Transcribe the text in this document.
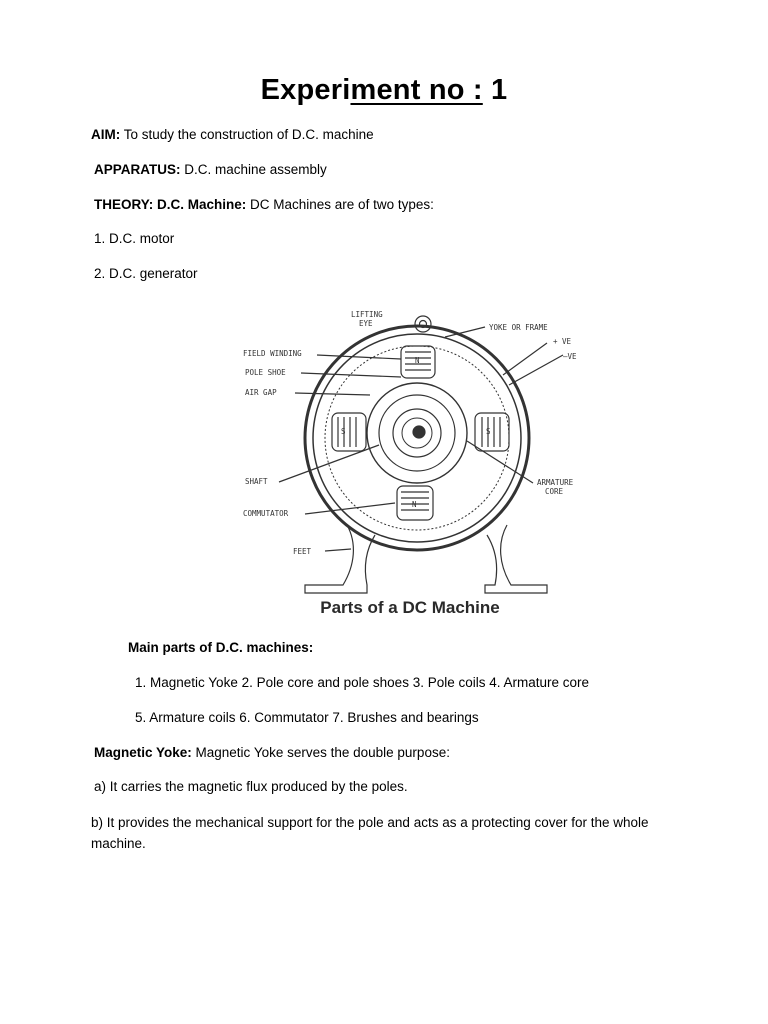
Experiment no : 1
AIM: To study the construction of D.C. machine
APPARATUS: D.C. machine assembly
THEORY: D.C. Machine: DC Machines are of two types:
1. D.C. motor
2. D.C. generator
LIFTING
EYE	YOKE OR FRAME
+ VE
–VE
FIELD WINDING
POLE SHOE
AIR GAP
SHAFT
COMMUTATOR
ARMATURE
CORE
FEET
N
N
S	S
Parts of a DC Machine
Main parts of D.C. machines:
1. Magnetic Yoke 2. Pole core and pole shoes 3. Pole coils 4. Armature core
5. Armature coils 6. Commutator 7. Brushes and bearings
Magnetic Yoke: Magnetic Yoke serves the double purpose:
a) It carries the magnetic flux produced by the poles.
b) It provides the mechanical support for the pole and acts as a protecting cover for the whole machine.
